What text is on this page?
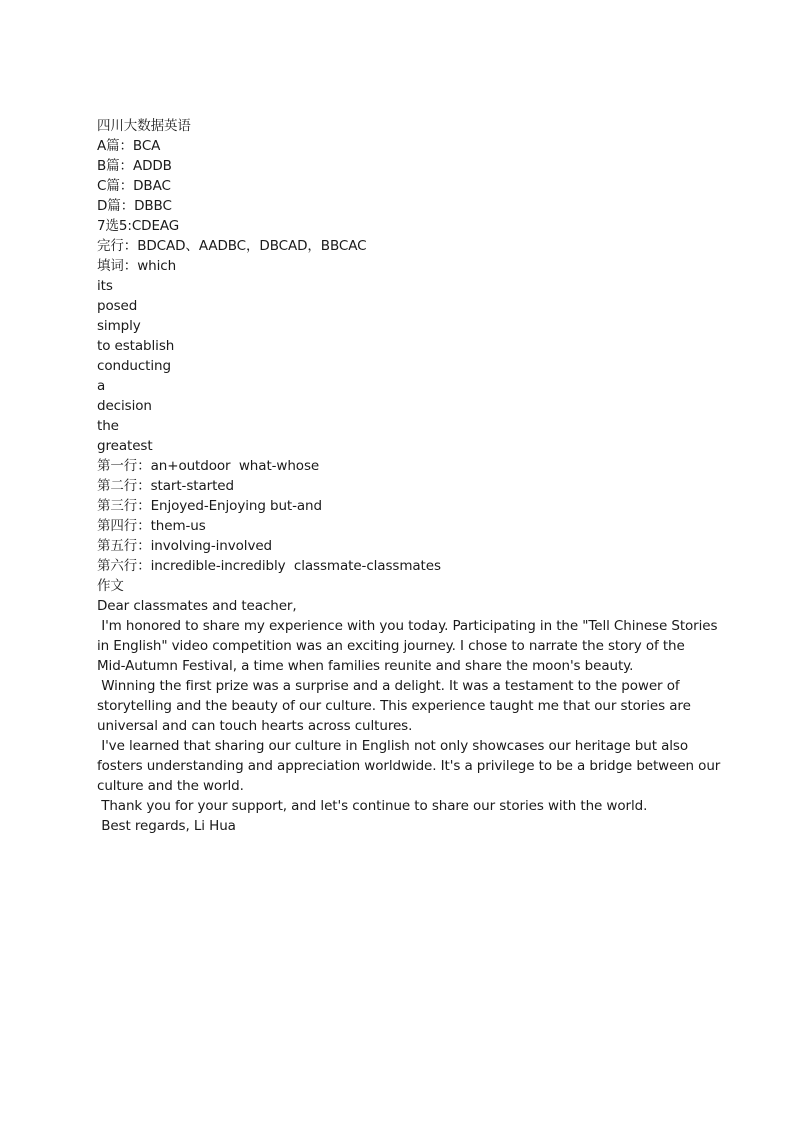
四川大数据英语
A篇：BCA
B篇：ADDB
C篇：DBAC
D篇：DBBC
7选5:CDEAG
完行：BDCAD、AADBC，DBCAD，BBCAC
填词：which
its
posed
simply
to establish
conducting
a
decision
the
greatest
第一行：an+outdoor  what-whose
第二行：start-started
第三行：Enjoyed-Enjoying but-and
第四行：them-us
第五行：involving-involved
第六行：incredible-incredibly  classmate-classmates
作文
Dear classmates and teacher,
I'm honored to share my experience with you today. Participating in the "Tell Chinese Stories
in English" video competition was an exciting journey. I chose to narrate the story of the
Mid-Autumn Festival, a time when families reunite and share the moon's beauty.
Winning the first prize was a surprise and a delight. It was a testament to the power of
storytelling and the beauty of our culture. This experience taught me that our stories are
universal and can touch hearts across cultures.
I've learned that sharing our culture in English not only showcases our heritage but also
fosters understanding and appreciation worldwide. It's a privilege to be a bridge between our
culture and the world.
Thank you for your support, and let's continue to share our stories with the world.
Best regards, Li Hua
